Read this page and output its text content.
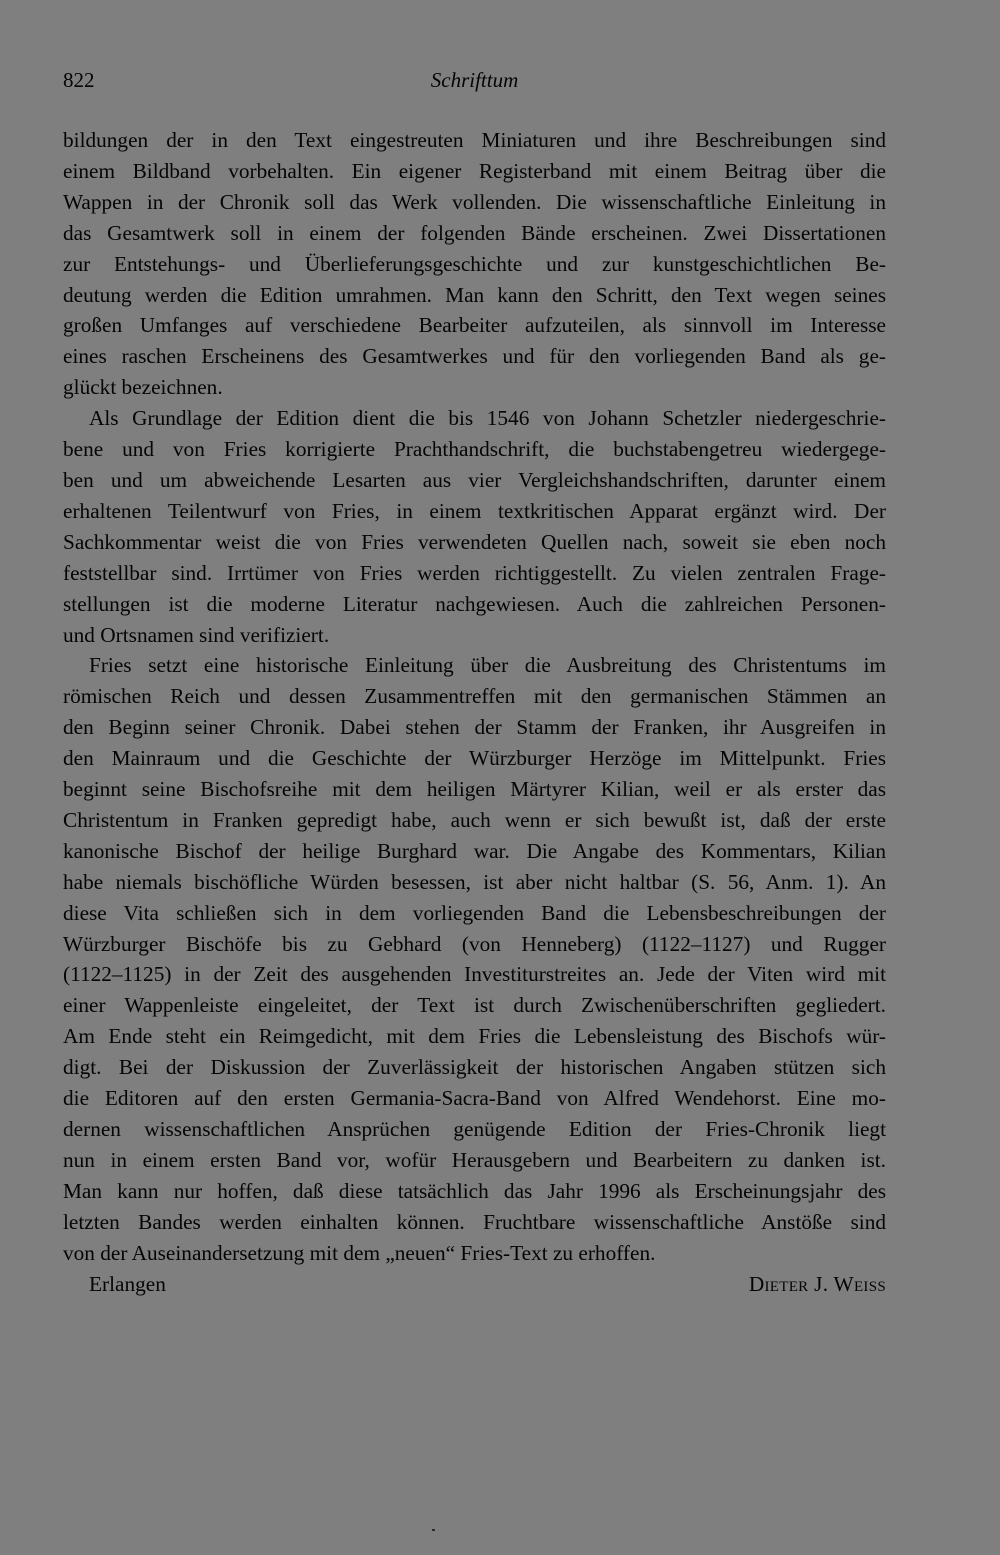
822	Schrifttum
bildungen der in den Text eingestreuten Miniaturen und ihre Beschreibungen sind
einem Bildband vorbehalten. Ein eigener Registerband mit einem Beitrag über die
Wappen in der Chronik soll das Werk vollenden. Die wissenschaftliche Einleitung in
das Gesamtwerk soll in einem der folgenden Bände erscheinen. Zwei Dissertationen
zur Entstehungs- und Überlieferungsgeschichte und zur kunstgeschichtlichen Be-
deutung werden die Edition umrahmen. Man kann den Schritt, den Text wegen seines
großen Umfanges auf verschiedene Bearbeiter aufzuteilen, als sinnvoll im Interesse
eines raschen Erscheinens des Gesamtwerkes und für den vorliegenden Band als ge-
glückt bezeichnen.
Als Grundlage der Edition dient die bis 1546 von Johann Schetzler niedergeschrie-
bene und von Fries korrigierte Prachthandschrift, die buchstabengetreu wiedergege-
ben und um abweichende Lesarten aus vier Vergleichshandschriften, darunter einem
erhaltenen Teilentwurf von Fries, in einem textkritischen Apparat ergänzt wird. Der
Sachkommentar weist die von Fries verwendeten Quellen nach, soweit sie eben noch
feststellbar sind. Irrtümer von Fries werden richtiggestellt. Zu vielen zentralen Frage-
stellungen ist die moderne Literatur nachgewiesen. Auch die zahlreichen Personen-
und Ortsnamen sind verifiziert.
Fries setzt eine historische Einleitung über die Ausbreitung des Christentums im
römischen Reich und dessen Zusammentreffen mit den germanischen Stämmen an
den Beginn seiner Chronik. Dabei stehen der Stamm der Franken, ihr Ausgreifen in
den Mainraum und die Geschichte der Würzburger Herzöge im Mittelpunkt. Fries
beginnt seine Bischofsreihe mit dem heiligen Märtyrer Kilian, weil er als erster das
Christentum in Franken gepredigt habe, auch wenn er sich bewußt ist, daß der erste
kanonische Bischof der heilige Burghard war. Die Angabe des Kommentars, Kilian
habe niemals bischöfliche Würden besessen, ist aber nicht haltbar (S. 56, Anm. 1). An
diese Vita schließen sich in dem vorliegenden Band die Lebensbeschreibungen der
Würzburger Bischöfe bis zu Gebhard (von Henneberg) (1122–1127) und Rugger
(1122–1125) in der Zeit des ausgehenden Investiturstreites an. Jede der Viten wird mit
einer Wappenleiste eingeleitet, der Text ist durch Zwischenüberschriften gegliedert.
Am Ende steht ein Reimgedicht, mit dem Fries die Lebensleistung des Bischofs wür-
digt. Bei der Diskussion der Zuverlässigkeit der historischen Angaben stützen sich
die Editoren auf den ersten Germania-Sacra-Band von Alfred Wendehorst. Eine mo-
dernen wissenschaftlichen Ansprüchen genügende Edition der Fries-Chronik liegt
nun in einem ersten Band vor, wofür Herausgebern und Bearbeitern zu danken ist.
Man kann nur hoffen, daß diese tatsächlich das Jahr 1996 als Erscheinungsjahr des
letzten Bandes werden einhalten können. Fruchtbare wissenschaftliche Anstöße sind
von der Auseinandersetzung mit dem „neuen“ Fries-Text zu erhoffen.
Erlangen	Dieter J. Weiss
